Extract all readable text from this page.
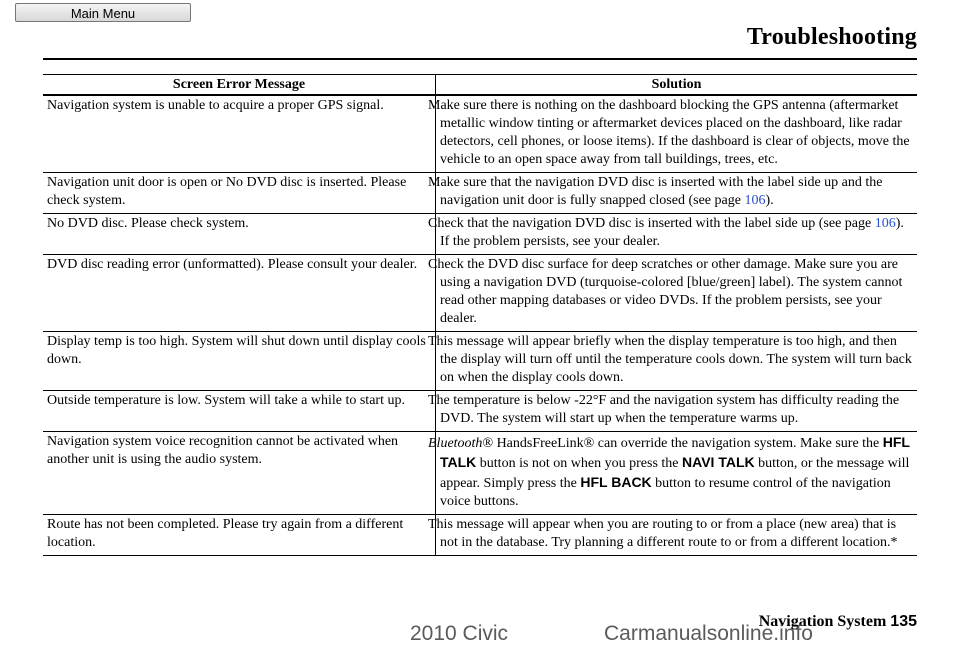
Main Menu
Troubleshooting
Screen Error Message	Solution
Navigation system is unable to acquire a proper GPS signal.	Make sure there is nothing on the dashboard blocking the GPS antenna (aftermarket metallic window tinting or aftermarket devices placed on the dashboard, like radar detectors, cell phones, or loose items). If the dashboard is clear of objects, move the vehicle to an open space away from tall buildings, trees, etc.
Navigation unit door is open or No DVD disc is inserted. Please check system.	Make sure that the navigation DVD disc is inserted with the label side up and the navigation unit door is fully snapped closed (see page 106).
No DVD disc. Please check system.	Check that the navigation DVD disc is inserted with the label side up (see page 106). If the problem persists, see your dealer.
DVD disc reading error (unformatted). Please consult your dealer.	Check the DVD disc surface for deep scratches or other damage. Make sure you are using a navigation DVD (turquoise-colored [blue/green] label). The system cannot read other mapping databases or video DVDs. If the problem persists, see your dealer.
Display temp is too high. System will shut down until display cools down.	This message will appear briefly when the display temperature is too high, and then the display will turn off until the temperature cools down. The system will turn back on when the display cools down.
Outside temperature is low. System will take a while to start up.	The temperature is below -22°F and the navigation system has difficulty reading the DVD. The system will start up when the temperature warms up.
Navigation system voice recognition cannot be activated when another unit is using the audio system.	Bluetooth® HandsFreeLink® can override the navigation system. Make sure the HFL TALK button is not on when you press the NAVI TALK button, or the message will appear. Simply press the HFL BACK button to resume control of the navigation voice buttons.
Route has not been completed. Please try again from a different location.	This message will appear when you are routing to or from a place (new area) that is not in the database. Try planning a different route to or from a different location.*
Navigation System 135
2010 Civic	Carmanualsonline.info
